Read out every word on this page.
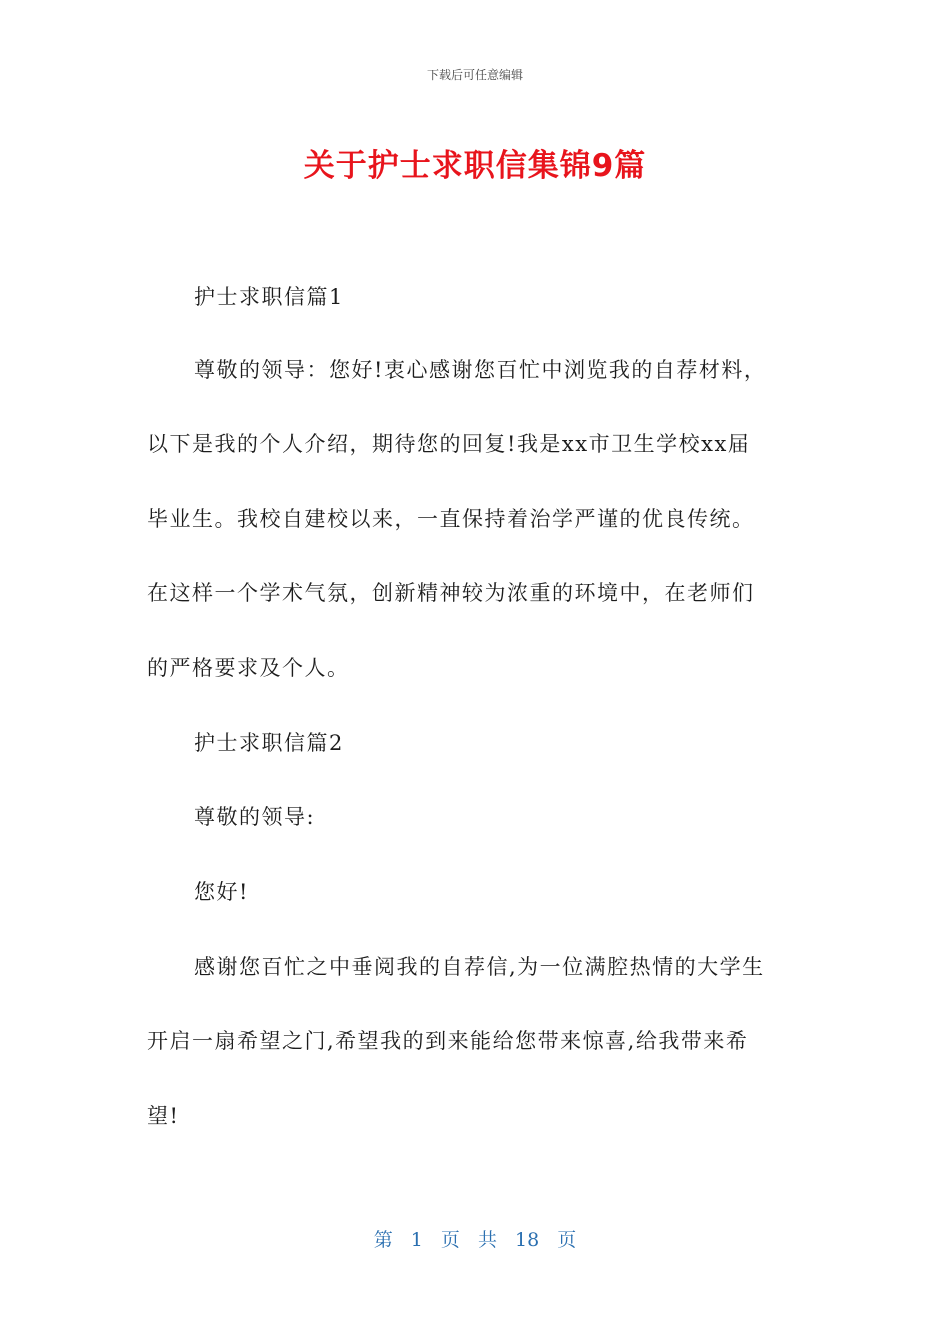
下载后可任意编辑
关于护士求职信集锦9篇
护士求职信篇1
尊敬的领导：您好!衷心感谢您百忙中浏览我的自荐材料，
以下是我的个人介绍，期待您的回复!我是xx市卫生学校xx届
毕业生。我校自建校以来，一直保持着治学严谨的优良传统。
在这样一个学术气氛，创新精神较为浓重的环境中，在老师们
的严格要求及个人。
护士求职信篇2
尊敬的领导:
您好!
感谢您百忙之中垂阅我的自荐信,为一位满腔热情的大学生
开启一扇希望之门,希望我的到来能给您带来惊喜,给我带来希
望!
第 1 页 共 18 页
